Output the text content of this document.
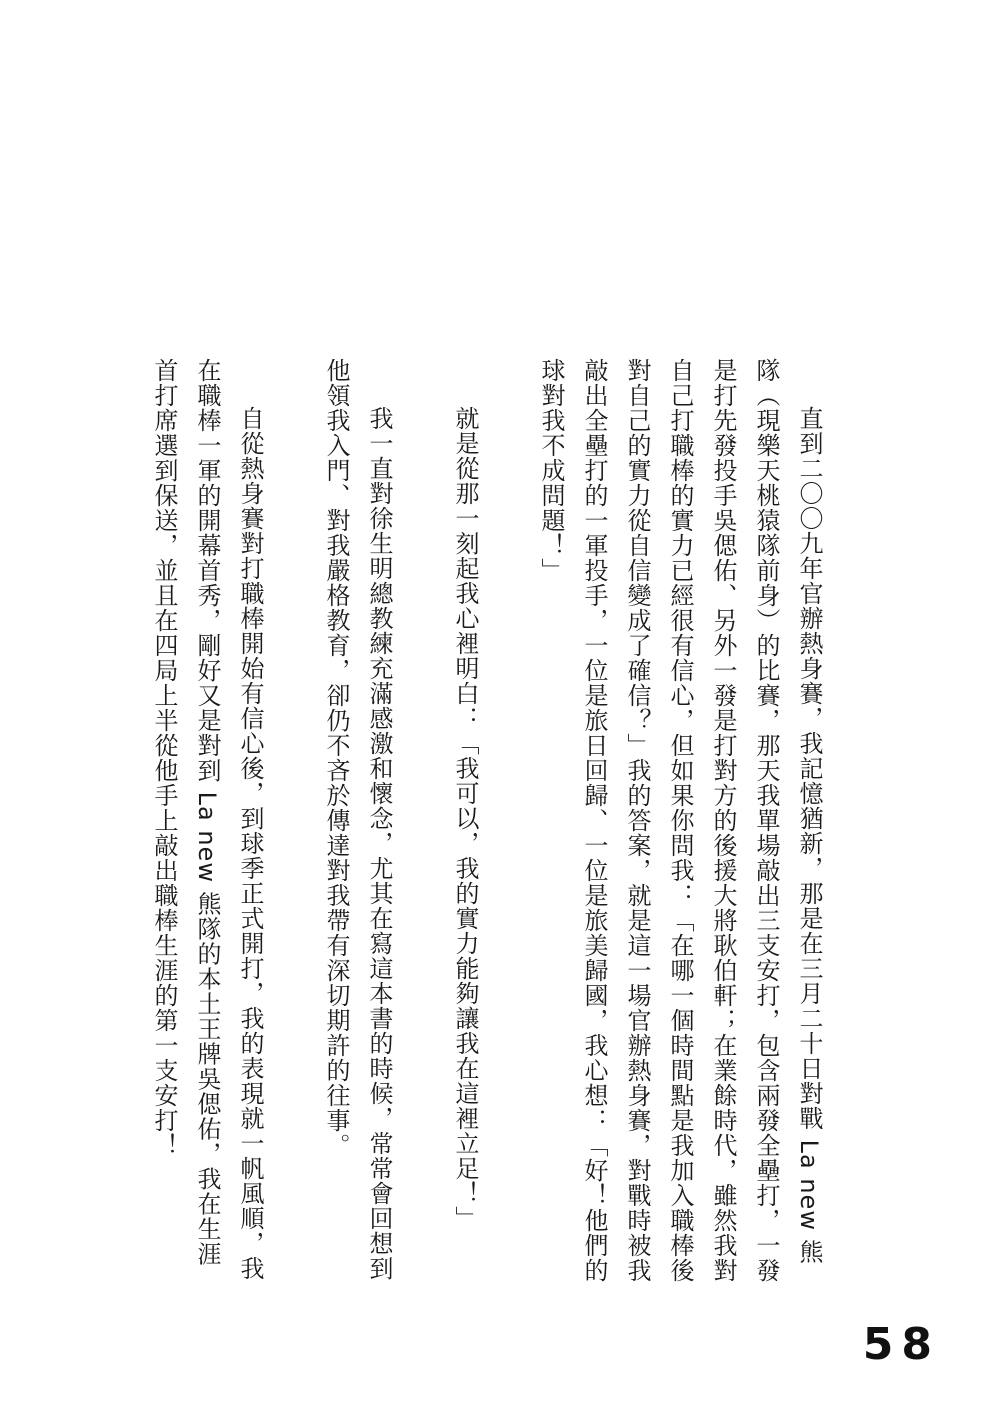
直到二〇〇九年官辦熱身賽，我記憶猶新，那是在三月二十日對戰 La new 熊隊（現樂天桃猿隊前身）的比賽，那天我單場敲出三支安打，包含兩發全壘打，一發是打先發投手吳偲佑、另外一發是打對方的後援大將耿伯軒；在業餘時代，雖然我對自己打職棒的實力已經很有信心，但如果你問我：「在哪一個時間點是我加入職棒後對自己的實力從自信變成了確信？」我的答案，就是這一場官辦熱身賽，對戰時被我敲出全壘打的一軍投手，一位是旅日回歸、一位是旅美歸國，我心想：「好！他們的球對我不成問題！」

就是從那一刻起我心裡明白：「我可以，我的實力能夠讓我在這裡立足！」

我一直對徐生明總教練充滿感激和懷念，尤其在寫這本書的時候，常常會回想到他領我入門、對我嚴格教育，卻仍不吝於傳達對我帶有深切期許的往事。

自從熱身賽對打職棒開始有信心後，到球季正式開打，我的表現就一帆風順，我在職棒一軍的開幕首秀，剛好又是對到 La new 熊隊的本土王牌吳偲佑，我在生涯首打席選到保送，並且在四局上半從他手上敲出職棒生涯的第一支安打！

58
